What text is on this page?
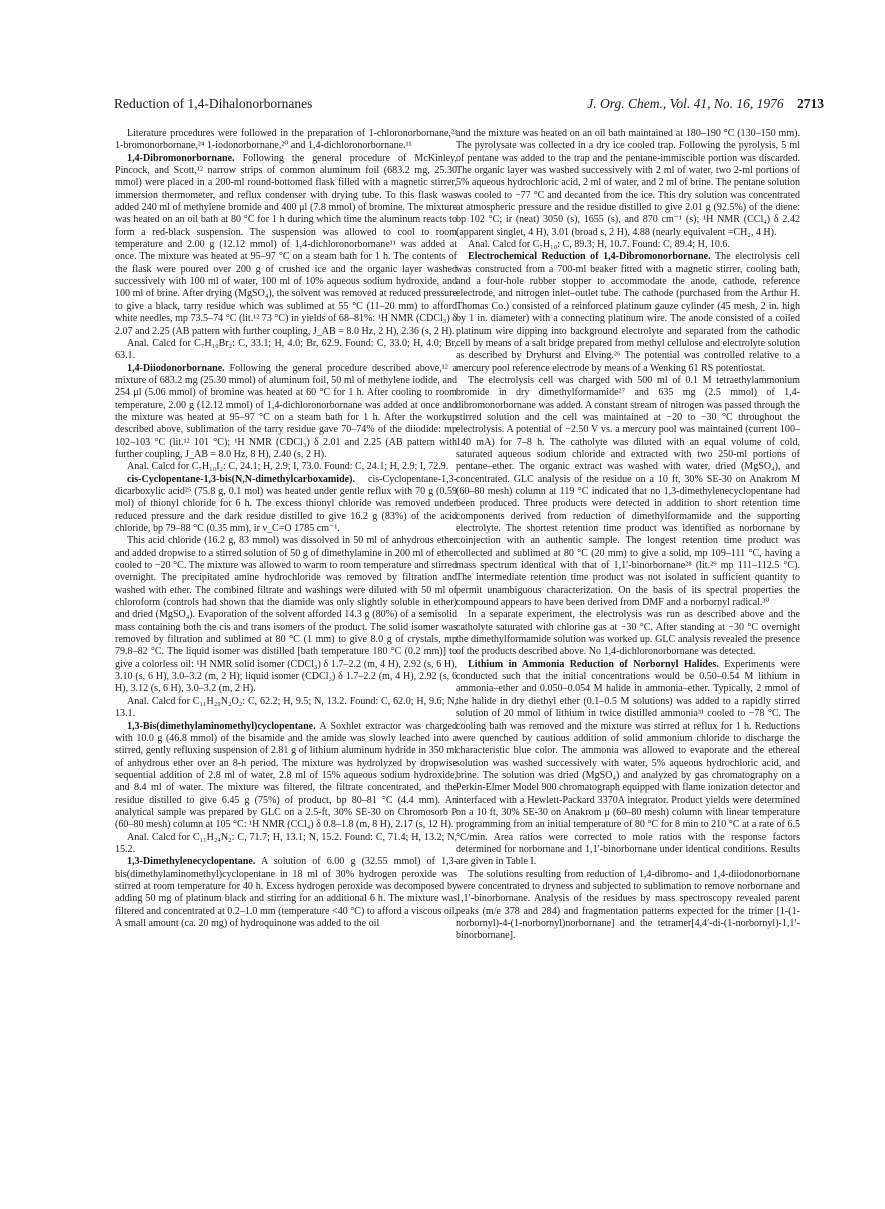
Reduction of 1,4-Dihalonorbornanes	J. Org. Chem., Vol. 41, No. 16, 1976 2713

Literature procedures were followed in the preparation of 1-chloronorbornane,²³ 1-bromonorbornane,²⁴ 1-iodonorbornane,²⁰ and 1,4-dichloronorbornane.¹¹

1,4-Dibromonorbornane. Following the general procedure of McKinley, Pincock, and Scott,¹² narrow strips of common aluminum foil (683.2 mg, 25.30 mmol) were placed in a 200-ml round-bottomed flask filled with a magnetic stirrer, immersion thermometer, and reflux condenser with drying tube. To this flask was added 240 ml of methylene bromide and 400 μl (7.8 mmol) of bromine. The mixture was heated on an oil bath at 80 °C for 1 h during which time the aluminum reacts to form a red-black suspension. The suspension was allowed to cool to room temperature and 2.00 g (12.12 mmol) of 1,4-dichloronorbornane¹¹ was added at once. The mixture was heated at 95–97 °C on a steam bath for 1 h. The contents of the flask were poured over 200 g of crushed ice and the organic layer washed successively with 100 ml of water, 100 ml of 10% aqueous sodium hydroxide, and 100 ml of brine. After drying (MgSO₄), the solvent was removed at reduced pressure to give a black, tarry residue which was sublimed at 55 °C (11–20 mm) to afford white needles, mp 73.5–74 °C (lit.¹² 73 °C) in yields of 68–81%: ¹H NMR (CDCl₃) δ 2.07 and 2.25 (AB pattern with further coupling, J_AB = 8.0 Hz, 2 H), 2.36 (s, 2 H).

Anal. Calcd for C₇H₁₀Br₂: C, 33.1; H, 4.0; Br, 62.9. Found: C, 33.0; H, 4.0; Br, 63.1.

1,4-Diiodonorbornane. Following the general procedure described above,¹² a mixture of 683.2 mg (25.30 mmol) of aluminum foil, 50 ml of methylene iodide, and 254 μl (5.06 mmol) of bromine was heated at 60 °C for 1 h. After cooling to room temperature, 2.00 g (12.12 mmol) of 1,4-dichloronorbornane was added at once and the mixture was heated at 95–97 °C on a steam bath for 1 h. After the workup described above, sublimation of the tarry residue gave 70–74% of the diiodide: mp 102–103 °C (lit.¹² 101 °C); ¹H NMR (CDCl₃) δ 2.01 and 2.25 (AB pattern with further coupling, J_AB = 8.0 Hz, 8 H), 2.40 (s, 2 H).

Anal. Calcd for C₇H₁₀I₂: C, 24.1; H, 2.9; I, 73.0. Found: C, 24.1; H, 2.9; I, 72.9.

cis-Cyclopentane-1,3-bis(N,N-dimethylcarboxamide). cis-Cyclopentane-1,3-dicarboxylic acid²⁵ (75.8 g, 0.1 mol) was heated under gentle reflux with 70 g (0.59 mol) of thionyl chloride for 6 h. The excess thionyl chloride was removed under reduced pressure and the dark residue distilled to give 16.2 g (83%) of the acid chloride, bp 79–88 °C (0.35 mm), ir ν_C=O 1785 cm⁻¹.

This acid chloride (16.2 g, 83 mmol) was dissolved in 50 ml of anhydrous ether and added dropwise to a stirred solution of 50 g of dimethylamine in 200 ml of ether cooled to −20 °C. The mixture was allowed to warm to room temperature and stirred overnight. The precipitated amine hydrochloride was removed by filtration and washed with ether. The combined filtrate and washings were diluted with 50 ml of chloroform (controls had shown that the diamide was only slightly soluble in ether) and dried (MgSO₄). Evaporation of the solvent afforded 14.3 g (80%) of a semisolid mass containing both the cis and trans isomers of the product. The solid isomer was removed by filtration and sublimed at 80 °C (1 mm) to give 8.0 g of crystals, mp 79.8–82 °C. The liquid isomer was distilled [bath temperature 180 °C (0.2 mm)] to give a colorless oil: ¹H NMR solid isomer (CDCl₃) δ 1.7–2.2 (m, 4 H), 2.92 (s, 6 H), 3.10 (s, 6 H), 3.0–3.2 (m, 2 H); liquid isomer (CDCl₃) δ 1.7–2.2 (m, 4 H), 2.92 (s, 6 H), 3.12 (s, 6 H), 3.0–3.2 (m, 2 H).

Anal. Calcd for C₁₁H₂₀N₂O₂: C, 62.2; H, 9.5; N, 13.2. Found: C, 62.0; H, 9.6; N, 13.1.

1,3-Bis(dimethylaminomethyl)cyclopentane. A Soxhlet extractor was charged with 10.0 g (46.8 mmol) of the bisamide and the amide was slowly leached into a stirred, gently refluxing suspension of 2.81 g of lithium aluminum hydride in 350 ml of anhydrous ether over an 8-h period. The mixture was hydrolyzed by dropwise sequential addition of 2.8 ml of water, 2.8 ml of 15% aqueous sodium hydroxide, and 8.4 ml of water. The mixture was filtered, the filtrate concentrated, and the residue distilled to give 6.45 g (75%) of product, bp 80–81 °C (4.4 mm). An analytical sample was prepared by GLC on a 2.5-ft, 30% SE-30 on Chromosorb P (60–80 mesh) column at 105 °C: ¹H NMR (CCl₄) δ 0.8–1.8 (m, 8 H), 2.17 (s, 12 H).

Anal. Calcd for C₁₁H₂₄N₂: C, 71.7; H, 13.1; N, 15.2. Found: C, 71.4; H, 13.2; N, 15.2.

1,3-Dimethylenecyclopentane. A solution of 6.00 g (32.55 mmol) of 1,3-bis(dimethylaminomethyl)cyclopentane in 18 ml of 30% hydrogen peroxide was stirred at room temperature for 40 h. Excess hydrogen peroxide was decomposed by adding 50 mg of platinum black and stirring for an additional 6 h. The mixture was filtered and concentrated at 0.2–1.0 mm (temperature <40 °C) to afford a viscous oil. A small amount (ca. 20 mg) of hydroquinone was added to the oil

and the mixture was heated on an oil bath maintained at 180–190 °C (130–150 mm). The pyrolysate was collected in a dry ice cooled trap. Following the pyrolysis, 5 ml of pentane was added to the trap and the pentane-immiscible portion was discarded. The organic layer was washed successively with 2 ml of water, two 2-ml portions of 5% aqueous hydrochloric acid, 2 ml of water, and 2 ml of brine. The pentane solution was cooled to −77 °C and decanted from the ice. This dry solution was concentrated at atmospheric pressure and the residue distilled to give 2.01 g (92.5%) of the diene: bp 102 °C; ir (neat) 3050 (s), 1655 (s), and 870 cm⁻¹ (s); ¹H NMR (CCl₄) δ 2.42 (apparent singlet, 4 H), 3.01 (broad s, 2 H), 4.88 (nearly equivalent =CH₂, 4 H).

Anal. Calcd for C₇H₁₀: C, 89.3; H, 10.7. Found: C, 89.4; H, 10.6.

Electrochemical Reduction of 1,4-Dibromonorbornane. The electrolysis cell was constructed from a 700-ml beaker fitted with a magnetic stirrer, cooling bath, and a four-hole rubber stopper to accommodate the anode, cathode, reference electrode, and nitrogen inlet–outlet tube. The cathode (purchased from the Arthur H. Thomas Co.) consisted of a reinforced platinum gauze cylinder (45 mesh, 2 in. high by 1 in. diameter) with a connecting platinum wire. The anode consisted of a coiled platinum wire dipping into background electrolyte and separated from the cathodic cell by means of a salt bridge prepared from methyl cellulose and electrolyte solution as described by Dryhurst and Elving.²⁶ The potential was controlled relative to a mercury pool reference electrode by means of a Wenking 61 RS potentiostat.

The electrolysis cell was charged with 500 ml of 0.1 M tetraethylammonium bromide in dry dimethylformamide²⁷ and 635 mg (2.5 mmol) of 1,4-dibromonorbornane was added. A constant stream of nitrogen was passed through the stirred solution and the cell was maintained at −20 to −30 °C throughout the electrolysis. A potential of −2.50 V vs. a mercury pool was maintained (current 100–140 mA) for 7–8 h. The catholyte was diluted with an equal volume of cold, saturated aqueous sodium chloride and extracted with two 250-ml portions of pentane–ether. The organic extract was washed with water, dried (MgSO₄), and concentrated. GLC analysis of the residue on a 10 ft, 30% SE-30 on Anakrom M (60–80 mesh) column at 119 °C indicated that no 1,3-dimethylenecyclopentane had been produced. Three products were detected in addition to short retention time components derived from reduction of dimethylformamide and the supporting electrolyte. The shortest retention time product was identified as norbornane by coinjection with an authentic sample. The longest retention time product was collected and sublimed at 80 °C (20 mm) to give a solid, mp 109–111 °C, having a mass spectrum identical with that of 1,1′-binorbornane²⁸ (lit.²⁹ mp 111–112.5 °C). The intermediate retention time product was not isolated in sufficient quantity to permit unambiguous characterization. On the basis of its spectral properties the compound appears to have been derived from DMF and a norbornyl radical.³⁰

In a separate experiment, the electrolysis was run as described above and the catholyte saturated with chlorine gas at −30 °C. After standing at −30 °C overnight the dimethylformamide solution was worked up. GLC analysis revealed the presence of the products described above. No 1,4-dichloronorbornane was detected.

Lithium in Ammonia Reduction of Norbornyl Halides. Experiments were conducted such that the initial concentrations would be 0.50–0.54 M lithium in ammonia–ether and 0.050–0.054 M halide in ammonia–ether. Typically, 2 mmol of the halide in dry diethyl ether (0.1–0.5 M solutions) was added to a rapidly stirred solution of 20 mmol of lithium in twice distilled ammonia³¹ cooled to −78 °C. The cooling bath was removed and the mixture was stirred at reflux for 1 h. Reductions were quenched by cautious addition of solid ammonium chloride to discharge the characteristic blue color. The ammonia was allowed to evaporate and the ethereal solution was washed successively with water, 5% aqueous hydrochloric acid, and brine. The solution was dried (MgSO₄) and analyzed by gas chromatography on a Perkin-Elmer Model 900 chromatograph equipped with flame ionization detector and interfaced with a Hewlett-Packard 3370A integrator. Product yields were determined on a 10 ft, 30% SE-30 on Anakrom μ (60–80 mesh) column with linear temperature programming from an initial temperature of 80 °C for 8 min to 210 °C at a rate of 6.5 °C/min. Area ratios were corrected to mole ratios with the response factors determined for norbornane and 1,1′-binorbornane under identical conditions. Results are given in Table I.

The solutions resulting from reduction of 1,4-dibromo- and 1,4-diiodonorbornane were concentrated to dryness and subjected to sublimation to remove norbornane and 1,1′-binorbornane. Analysis of the residues by mass spectroscopy revealed parent peaks (m/e 378 and 284) and fragmentation patterns expected for the trimer [1-(1-norbornyl)-4-(1-norbornyl)norbornane] and the tetramer[4,4′-di-(1-norbornyl)-1,1′-binorbornane].
